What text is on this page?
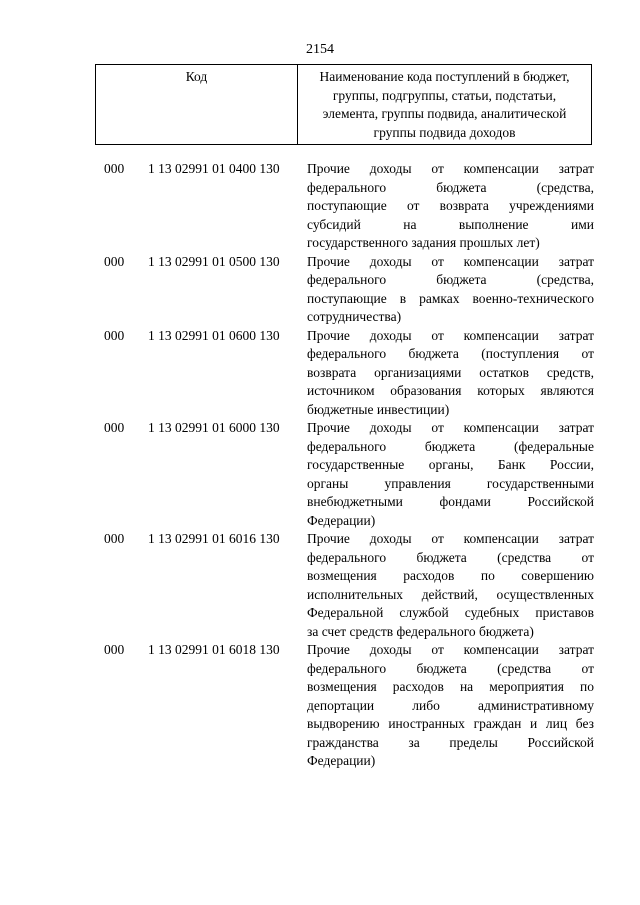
2154
Код	Наименование кода поступлений в бюджет,
группы, подгруппы, статьи, подстатьи,
элемента, группы подвида, аналитической
группы подвида доходов
000	1 13 02991 01 0400 130	Прочие доходы от компенсации затрат
федерального бюджета (средства,
поступающие от возврата учреждениями
субсидий на выполнение ими
государственного задания прошлых лет)
000	1 13 02991 01 0500 130	Прочие доходы от компенсации затрат
федерального бюджета (средства,
поступающие в рамках военно-технического
сотрудничества)
000	1 13 02991 01 0600 130	Прочие доходы от компенсации затрат
федерального бюджета (поступления от
возврата организациями остатков средств,
источником образования которых являются
бюджетные инвестиции)
000	1 13 02991 01 6000 130	Прочие доходы от компенсации затрат
федерального бюджета (федеральные
государственные органы, Банк России,
органы управления государственными
внебюджетными фондами Российской
Федерации)
000	1 13 02991 01 6016 130	Прочие доходы от компенсации затрат
федерального бюджета (средства от
возмещения расходов по совершению
исполнительных действий, осуществленных
Федеральной службой судебных приставов
за счет средств федерального бюджета)
000	1 13 02991 01 6018 130	Прочие доходы от компенсации затрат
федерального бюджета (средства от
возмещения расходов на мероприятия по
депортации либо административному
выдворению иностранных граждан и лиц без
гражданства за пределы Российской
Федерации)
